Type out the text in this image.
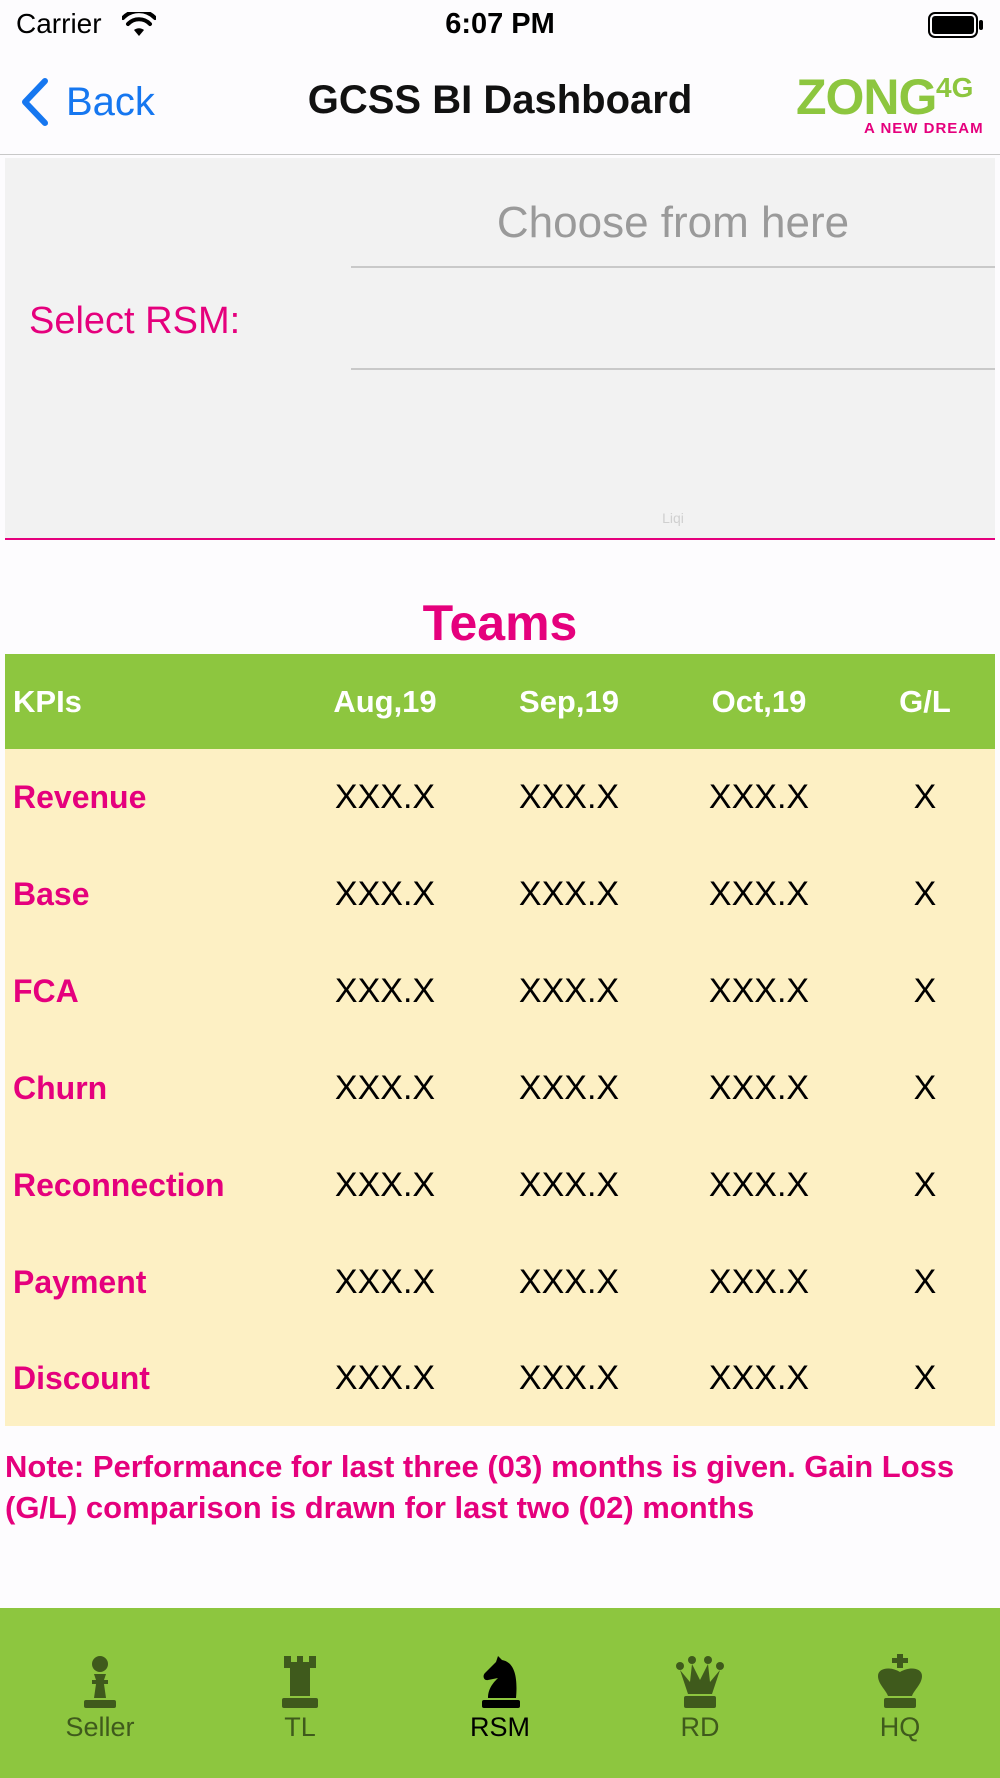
Carrier	6:07 PM
Back	GCSS BI Dashboard	ZONG 4G
A NEW DREAM
Select RSM:
Choose from here
Liqi
Teams
KPIs	Aug,19	Sep,19	Oct,19	G/L
Revenue	XXX.X	XXX.X	XXX.X	X
Base	XXX.X	XXX.X	XXX.X	X
FCA	XXX.X	XXX.X	XXX.X	X
Churn	XXX.X	XXX.X	XXX.X	X
Reconnection	XXX.X	XXX.X	XXX.X	X
Payment	XXX.X	XXX.X	XXX.X	X
Discount	XXX.X	XXX.X	XXX.X	X
Note: Performance for last three (03) months is given. Gain Loss (G/L) comparison is drawn for last two (02) months
Seller	TL	RSM	RD	HQ
